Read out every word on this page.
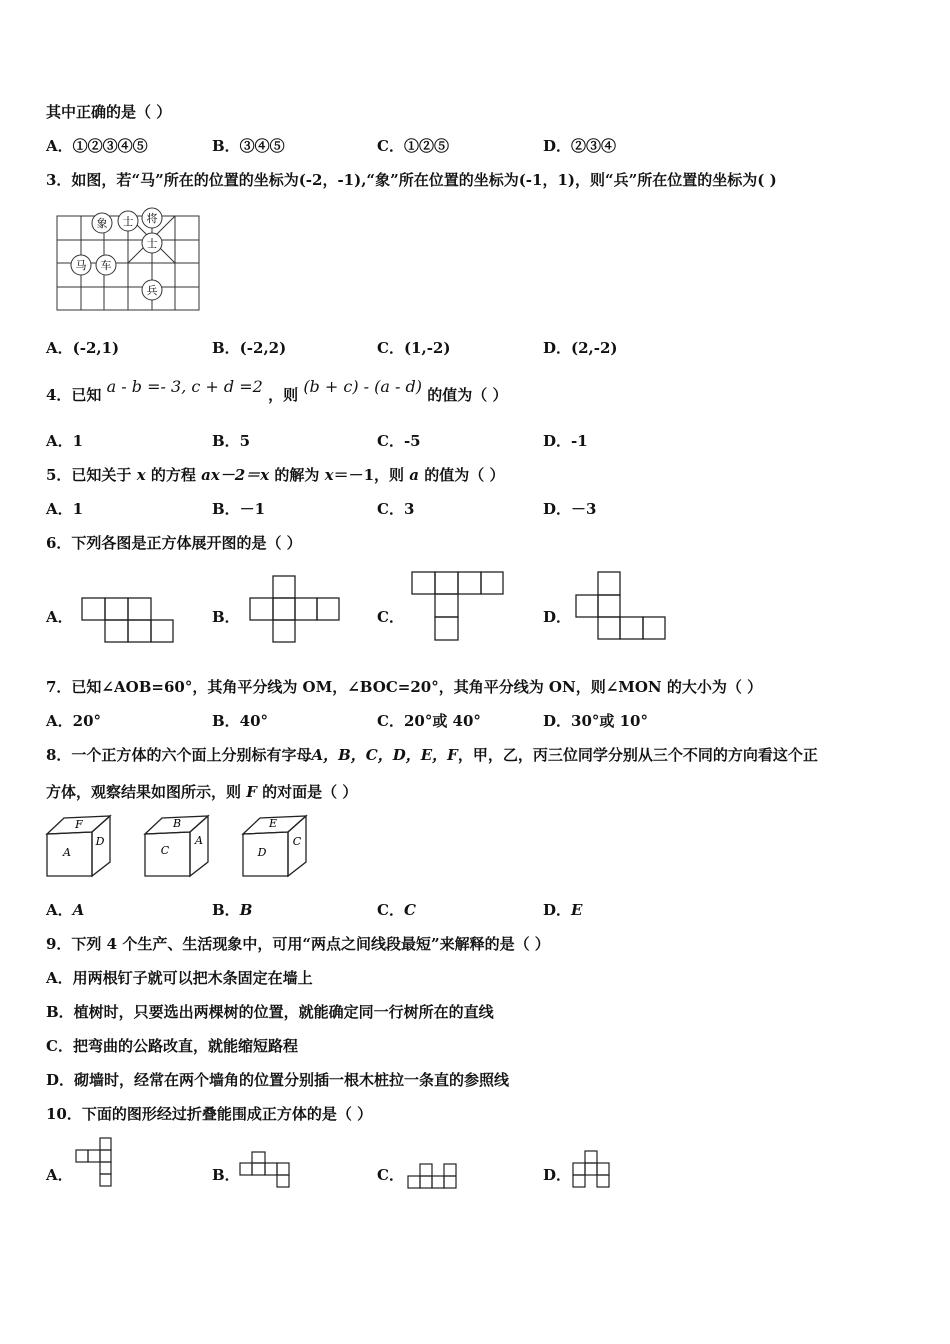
其中正确的是（ ）
A．①②③④⑤	B．③④⑤	C．①②⑤	D．②③④
3．如图，若“马”所在的位置的坐标为(-2，-1),“象”所在位置的坐标为(-1，1)，则“兵”所在位置的坐标为( )
象 士 将
士
马 车
兵
A．(-2,1)	B．(-2,2)	C．(1,-2)	D．(2,-2)
4．已知 a - b =- 3, c + d =2 ，则 (b + c) - (a - d) 的值为（ ）
A．1	B．5	C．-5	D．-1
5．已知关于 x 的方程 ax－2＝x 的解为 x＝－1，则 a 的值为（ ）
A．1	B．－1	C．3	D．－3
6．下列各图是正方体展开图的是（ ）
A．	B．	C．	D．
7．已知∠AOB=60°，其角平分线为 OM，∠BOC=20°，其角平分线为 ON，则∠MON 的大小为（ ）
A．20°	B．40°	C．20°或 40°	D．30°或 10°
8．一个正方体的六个面上分别标有字母A，B，C，D，E，F，甲，乙，丙三位同学分别从三个不同的方向看这个正
方体，观察结果如图所示，则 F 的对面是（ ）
F
A
D
B
C
A
E
D
C
A．A	B．B	C．C	D．E
9．下列 4 个生产、生活现象中，可用“两点之间线段最短”来解释的是（ ）
A．用两根钉子就可以把木条固定在墙上
B．植树时，只要选出两棵树的位置，就能确定同一行树所在的直线
C．把弯曲的公路改直，就能缩短路程
D．砌墙时，经常在两个墙角的位置分别插一根木桩拉一条直的参照线
10．下面的图形经过折叠能围成正方体的是（ ）
A．	B．	C．	D．
